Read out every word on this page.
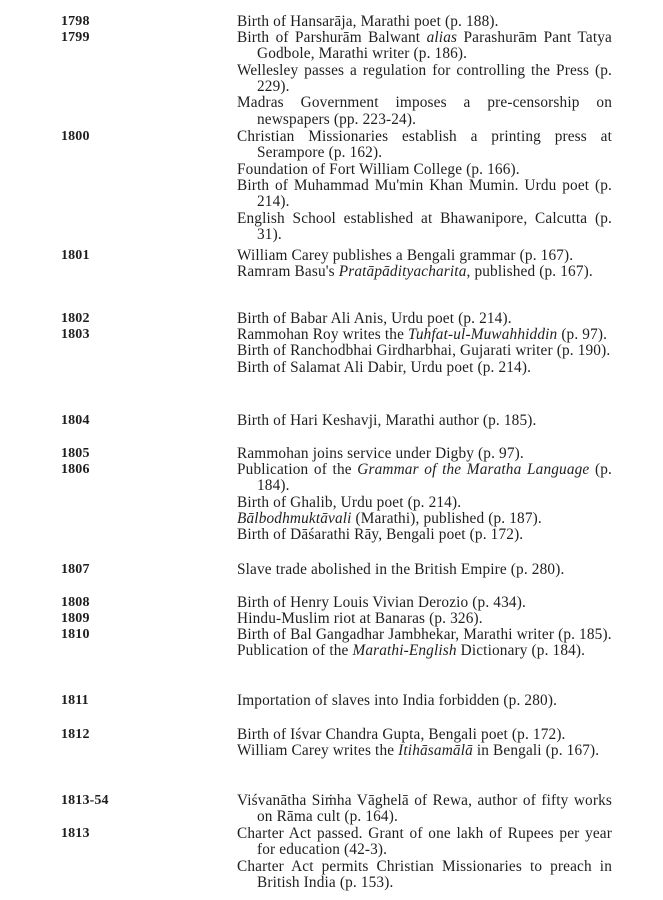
1798	Birth of Hansarāja, Marathi poet (p. 188).

1799	Birth of Parshurām Balwant alias Parashurām Pant Tatya Godbole, Marathi writer (p. 186).

Wellesley passes a regulation for controlling the Press (p. 229).

Madras Government imposes a pre-censorship on newspapers (pp. 223-24).

1800	Christian Missionaries establish a printing press at Serampore (p. 162).

Foundation of Fort William College (p. 166).

Birth of Muhammad Mu'min Khan Mumin. Urdu poet (p. 214).

English School established at Bhawanipore, Calcutta (p. 31).

1801	William Carey publishes a Bengali grammar (p. 167).

Ramram Basu's Pratāpādityacharita, published (p. 167).

1802	Birth of Babar Ali Anis, Urdu poet (p. 214).

1803	Rammohan Roy writes the Tuhfat-ul-Muwahhiddin (p. 97).

Birth of Ranchodbhai Girdharbhai, Gujarati writer (p. 190).

Birth of Salamat Ali Dabir, Urdu poet (p. 214).

1804	Birth of Hari Keshavji, Marathi author (p. 185).

1805	Rammohan joins service under Digby (p. 97).

1806	Publication of the Grammar of the Maratha Language (p. 184).

Birth of Ghalib, Urdu poet (p. 214).

Bālbodhmuktāvali (Marathi), published (p. 187).

Birth of Dāśarathi Rāy, Bengali poet (p. 172).

1807	Slave trade abolished in the British Empire (p. 280).

1808	Birth of Henry Louis Vivian Derozio (p. 434).

1809	Hindu-Muslim riot at Banaras (p. 326).

1810	Birth of Bal Gangadhar Jambhekar, Marathi writer (p. 185).

Publication of the Marathi-English Dictionary (p. 184).

1811	Importation of slaves into India forbidden (p. 280).

1812	Birth of Iśvar Chandra Gupta, Bengali poet (p. 172).

William Carey writes the Itihāsamālā in Bengali (p. 167).

1813-54	Viśvanātha Siṁha Vāghelā of Rewa, author of fifty works on Rāma cult (p. 164).

1813	Charter Act passed. Grant of one lakh of Rupees per year for education (42-3).

Charter Act permits Christian Missionaries to preach in British India (p. 153).
